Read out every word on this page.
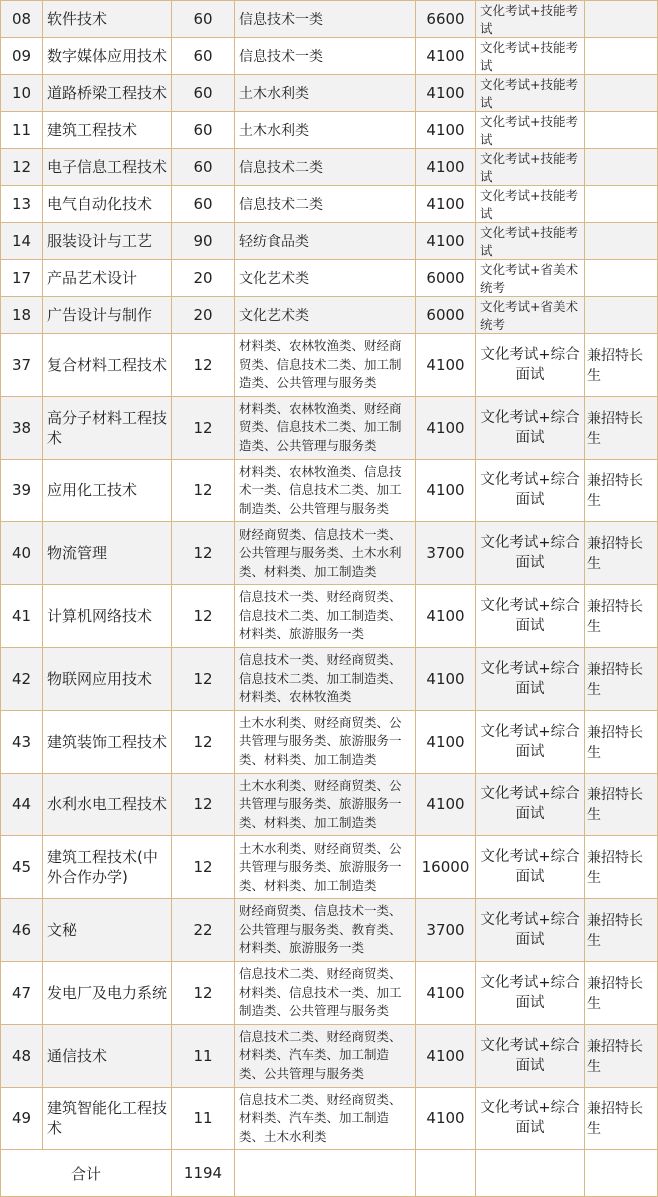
08	软件技术	60	信息技术一类	6600	文化考试+技能考试	
09	数字媒体应用技术	60	信息技术一类	4100	文化考试+技能考试	
10	道路桥梁工程技术	60	土木水利类	4100	文化考试+技能考试	
11	建筑工程技术	60	土木水利类	4100	文化考试+技能考试	
12	电子信息工程技术	60	信息技术二类	4100	文化考试+技能考试	
13	电气自动化技术	60	信息技术二类	4100	文化考试+技能考试	
14	服装设计与工艺	90	轻纺食品类	4100	文化考试+技能考试	
17	产品艺术设计	20	文化艺术类	6000	文化考试+省美术统考	
18	广告设计与制作	20	文化艺术类	6000	文化考试+省美术统考	
37	复合材料工程技术	12	材料类、农林牧渔类、财经商贸类、信息技术二类、加工制造类、公共管理与服务类	4100	文化考试+综合面试	兼招特长生
38	高分子材料工程技术	12	材料类、农林牧渔类、财经商贸类、信息技术二类、加工制造类、公共管理与服务类	4100	文化考试+综合面试	兼招特长生
39	应用化工技术	12	材料类、农林牧渔类、信息技术一类、信息技术二类、加工制造类、公共管理与服务类	4100	文化考试+综合面试	兼招特长生
40	物流管理	12	财经商贸类、信息技术一类、公共管理与服务类、土木水利类、材料类、加工制造类	3700	文化考试+综合面试	兼招特长生
41	计算机网络技术	12	信息技术一类、财经商贸类、信息技术二类、加工制造类、材料类、旅游服务一类	4100	文化考试+综合面试	兼招特长生
42	物联网应用技术	12	信息技术一类、财经商贸类、信息技术二类、加工制造类、材料类、农林牧渔类	4100	文化考试+综合面试	兼招特长生
43	建筑装饰工程技术	12	土木水利类、财经商贸类、公共管理与服务类、旅游服务一类、材料类、加工制造类	4100	文化考试+综合面试	兼招特长生
44	水利水电工程技术	12	土木水利类、财经商贸类、公共管理与服务类、旅游服务一类、材料类、加工制造类	4100	文化考试+综合面试	兼招特长生
45	建筑工程技术(中外合作办学)	12	土木水利类、财经商贸类、公共管理与服务类、旅游服务一类、材料类、加工制造类	16000	文化考试+综合面试	兼招特长生
46	文秘	22	财经商贸类、信息技术一类、公共管理与服务类、教育类、材料类、旅游服务一类	3700	文化考试+综合面试	兼招特长生
47	发电厂及电力系统	12	信息技术二类、财经商贸类、材料类、信息技术一类、加工制造类、公共管理与服务类	4100	文化考试+综合面试	兼招特长生
48	通信技术	11	信息技术二类、财经商贸类、材料类、汽车类、加工制造类、公共管理与服务类	4100	文化考试+综合面试	兼招特长生
49	建筑智能化工程技术	11	信息技术二类、财经商贸类、材料类、汽车类、加工制造类、土木水利类	4100	文化考试+综合面试	兼招特长生
合计		1194				
